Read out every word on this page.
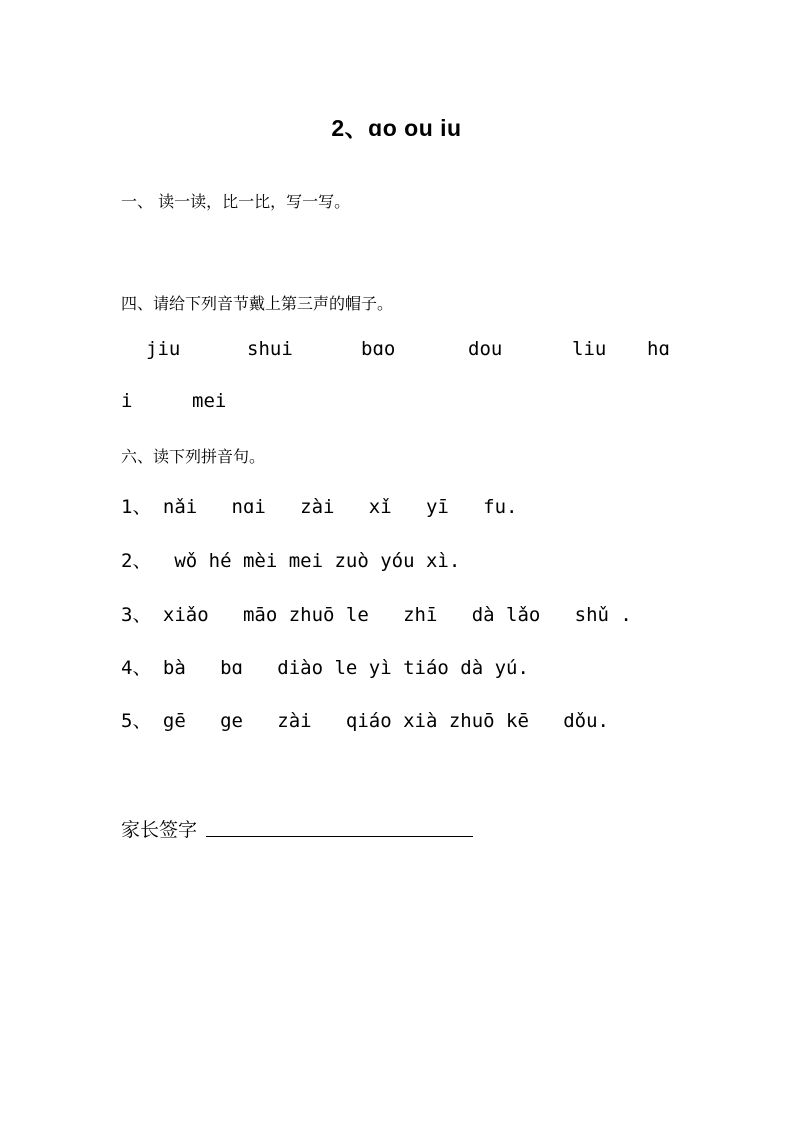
2、ɑo ou iu
一、 读一读，比一比，写一写。
四、请给下列音节戴上第三声的帽子。
jiu	shui	bɑo	dou	liu hɑ
i	mei
六、读下列拼音句。
1、 nǎi   nɑi   zài   xǐ   yī   fu.
2、  wǒ hé mèi mei zuò yóu xì.
3、 xiǎo   māo zhuō le   zhī   dà lǎo   shǔ .
4、 bà   bɑ   diào le yì tiáo dà yú.
5、 gē   ge   zài   qiáo xià zhuō kē   dǒu.
家长签字
